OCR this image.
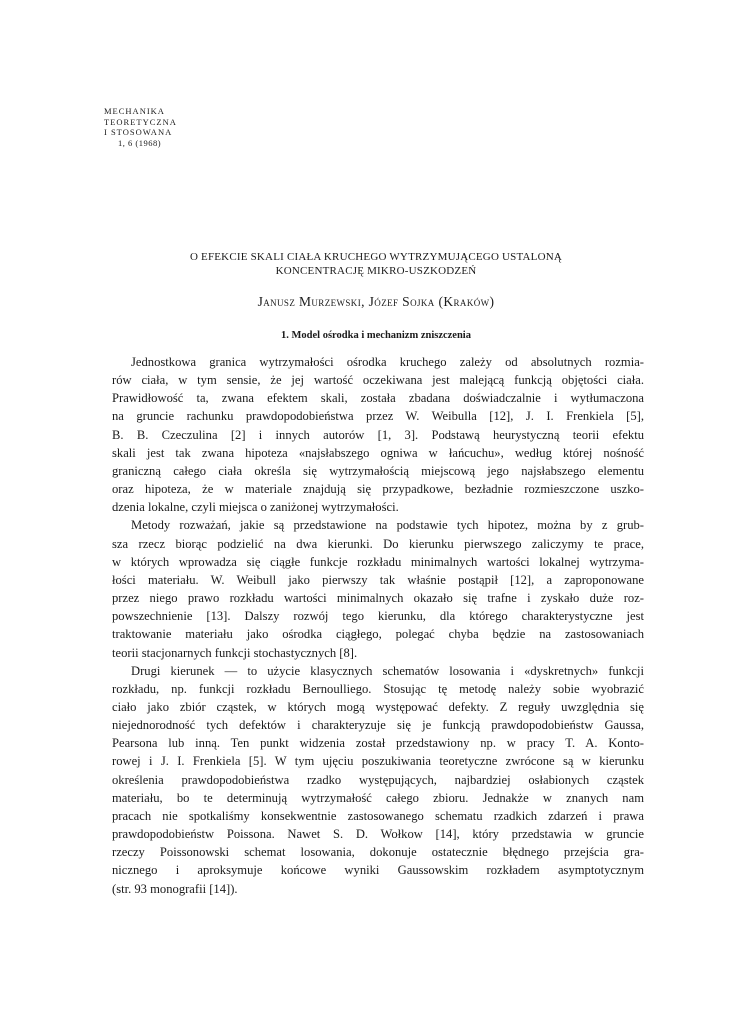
MECHANIKA
TEORETYCZNA
I STOSOWANA
1, 6 (1968)
O EFEKCIE SKALI CIAŁA KRUCHEGO WYTRZYMUJĄCEGO USTALONĄ
KONCENTRACJĘ MIKRO-USZKODZEŃ
Janusz Murzewski, Józef Sojka (Kraków)
1. Model ośrodka i mechanizm zniszczenia

Jednostkowa granica wytrzymałości ośrodka kruchego zależy od absolutnych rozmia-
rów ciała, w tym sensie, że jej wartość oczekiwana jest malejącą funkcją objętości ciała.
Prawidłowość ta, zwana efektem skali, została zbadana doświadczalnie i wytłumaczona
na gruncie rachunku prawdopodobieństwa przez W. Weibulla [12], J. I. Frenkiela [5],
B. B. Czeczulina [2] i innych autorów [1, 3]. Podstawą heurystyczną teorii efektu
skali jest tak zwana hipoteza «najsłabszego ogniwa w łańcuchu», według której nośność
graniczną całego ciała określa się wytrzymałością miejscową jego najsłabszego elementu
oraz hipoteza, że w materiale znajdują się przypadkowe, bezładnie rozmieszczone uszko-
dzenia lokalne, czyli miejsca o zaniżonej wytrzymałości.

Metody rozważań, jakie są przedstawione na podstawie tych hipotez, można by z grub-
sza rzecz biorąc podzielić na dwa kierunki. Do kierunku pierwszego zaliczymy te prace,
w których wprowadza się ciągłe funkcje rozkładu minimalnych wartości lokalnej wytrzyma-
łości materiału. W. Weibull jako pierwszy tak właśnie postąpił [12], a zaproponowane
przez niego prawo rozkładu wartości minimalnych okazało się trafne i zyskało duże roz-
powszechnienie [13]. Dalszy rozwój tego kierunku, dla którego charakterystyczne jest
traktowanie materiału jako ośrodka ciągłego, polegać chyba będzie na zastosowaniach
teorii stacjonarnych funkcji stochastycznych [8].

Drugi kierunek — to użycie klasycznych schematów losowania i «dyskretnych» funkcji
rozkładu, np. funkcji rozkładu Bernoulliego. Stosując tę metodę należy sobie wyobrazić
ciało jako zbiór cząstek, w których mogą występować defekty. Z reguły uwzględnia się
niejednorodność tych defektów i charakteryzuje się je funkcją prawdopodobieństw Gaussa,
Pearsona lub inną. Ten punkt widzenia został przedstawiony np. w pracy T. A. Konto-
rowej i J. I. Frenkiela [5]. W tym ujęciu poszukiwania teoretyczne zwrócone są w kierunku
określenia prawdopodobieństwa rzadko występujących, najbardziej osłabionych cząstek
materiału, bo te determinują wytrzymałość całego zbioru. Jednakże w znanych nam
pracach nie spotkaliśmy konsekwentnie zastosowanego schematu rzadkich zdarzeń i prawa
prawdopodobieństw Poissona. Nawet S. D. Wołkow [14], który przedstawia w gruncie
rzeczy Poissonowski schemat losowania, dokonuje ostatecznie błędnego przejścia gra-
nicznego i aproksymuje końcowe wyniki Gaussowskim rozkładem asymptotycznym
(str. 93 monografii [14]).
